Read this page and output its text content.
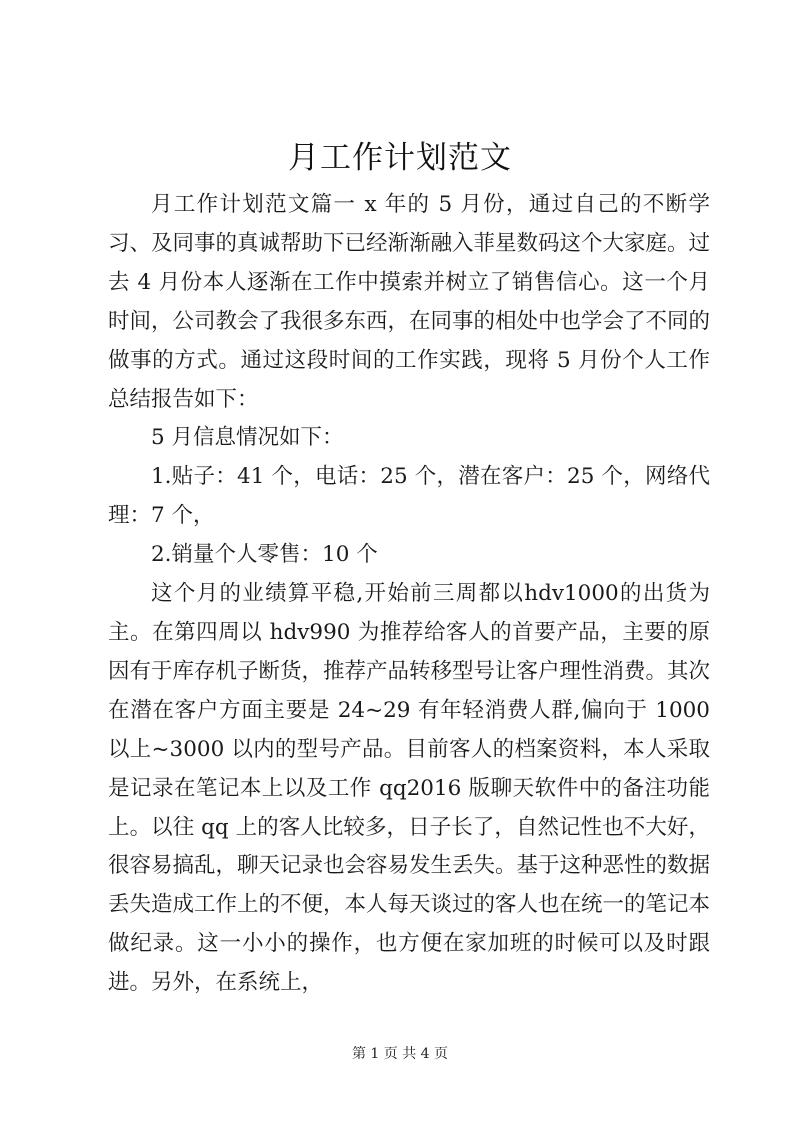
月工作计划范文

月工作计划范文篇一 x 年的 5 月份，通过自己的不断学习、及同事的真诚帮助下已经渐渐融入菲星数码这个大家庭。过去 4 月份本人逐渐在工作中摸索并树立了销售信心。这一个月时间，公司教会了我很多东西，在同事的相处中也学会了不同的做事的方式。通过这段时间的工作实践，现将 5 月份个人工作总结报告如下：

5 月信息情况如下：

1.贴子：41 个，电话：25 个，潜在客户：25 个，网络代理：7 个，

2.销量个人零售：10 个

这个月的业绩算平稳,开始前三周都以hdv1000的出货为主。在第四周以 hdv990 为推荐给客人的首要产品，主要的原因有于库存机子断货，推荐产品转移型号让客户理性消费。其次在潜在客户方面主要是 24~29 有年轻消费人群,偏向于 1000 以上~3000 以内的型号产品。目前客人的档案资料，本人采取是记录在笔记本上以及工作 qq2016 版聊天软件中的备注功能上。以往 qq 上的客人比较多，日子长了，自然记性也不大好，很容易搞乱，聊天记录也会容易发生丢失。基于这种恶性的数据丢失造成工作上的不便，本人每天谈过的客人也在统一的笔记本做纪录。这一小小的操作，也方便在家加班的时候可以及时跟进。另外，在系统上，

第 1 页 共 4 页
